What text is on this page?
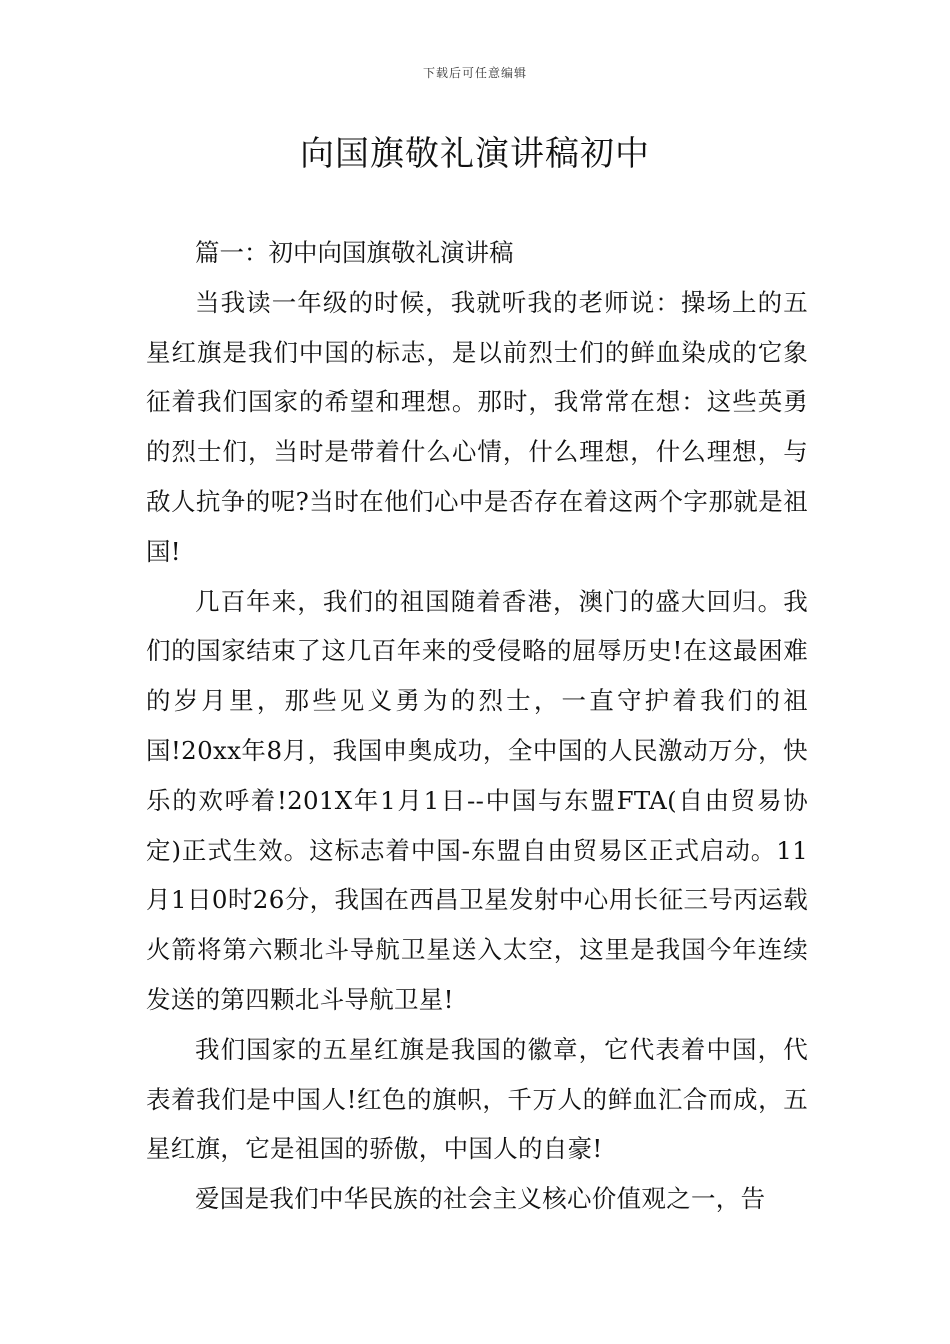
下载后可任意编辑
向国旗敬礼演讲稿初中

篇一：初中向国旗敬礼演讲稿

当我读一年级的时候，我就听我的老师说：操场上的五星红旗是我们中国的标志，是以前烈士们的鲜血染成的它象征着我们国家的希望和理想。那时，我常常在想：这些英勇的烈士们，当时是带着什么心情，什么理想，什么理想，与敌人抗争的呢?当时在他们心中是否存在着这两个字那就是祖国!

几百年来，我们的祖国随着香港，澳门的盛大回归。我们的国家结束了这几百年来的受侵略的屈辱历史!在这最困难的岁月里，那些见义勇为的烈士，一直守护着我们的祖国!20xx年8月，我国申奥成功，全中国的人民激动万分，快乐的欢呼着!201X年1月1日--中国与东盟FTA(自由贸易协定)正式生效。这标志着中国-东盟自由贸易区正式启动。11月1日0时26分，我国在西昌卫星发射中心用长征三号丙运载火箭将第六颗北斗导航卫星送入太空，这里是我国今年连续发送的第四颗北斗导航卫星!

我们国家的五星红旗是我国的徽章，它代表着中国，代表着我们是中国人!红色的旗帜，千万人的鲜血汇合而成，五星红旗，它是祖国的骄傲，中国人的自豪!

爱国是我们中华民族的社会主义核心价值观之一，告
